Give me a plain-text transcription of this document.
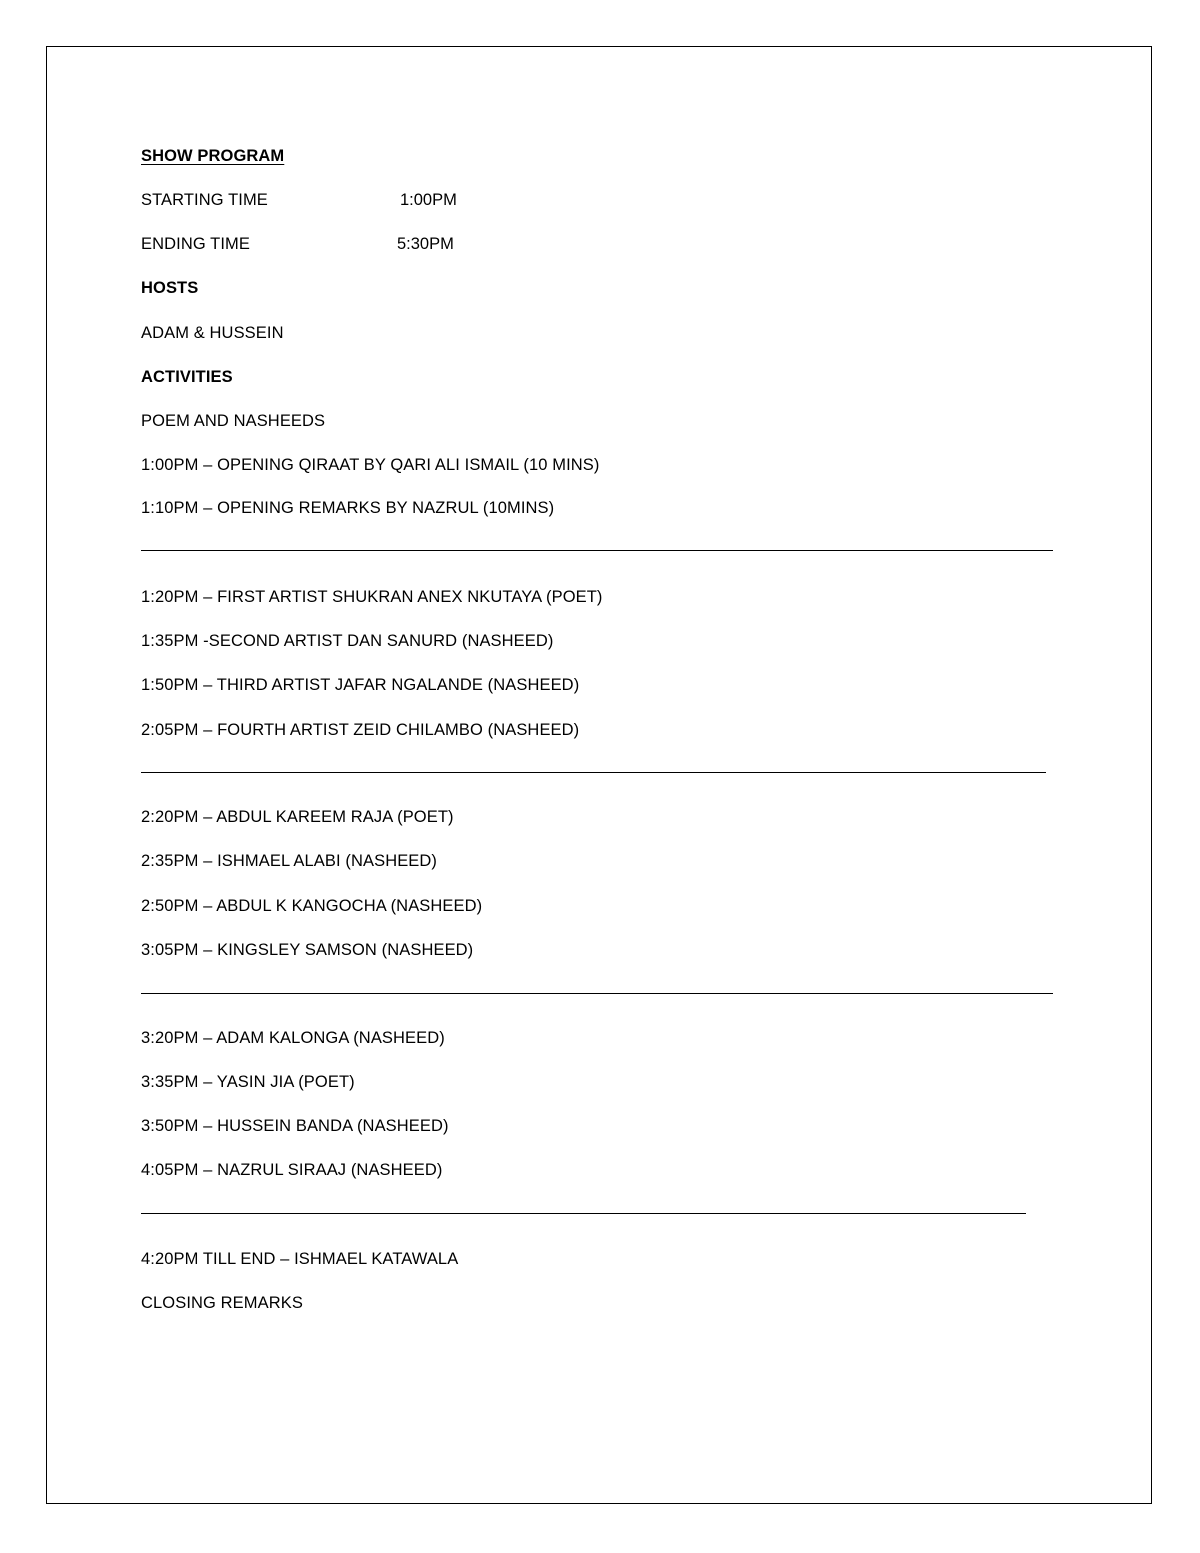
SHOW PROGRAM
STARTING TIME	1:00PM
ENDING TIME	5:30PM
HOSTS
ADAM & HUSSEIN
ACTIVITIES
POEM AND NASHEEDS
1:00PM – OPENING QIRAAT BY QARI ALI ISMAIL (10 MINS)
1:10PM – OPENING REMARKS BY NAZRUL (10MINS)
1:20PM – FIRST ARTIST SHUKRAN ANEX NKUTAYA (POET)
1:35PM -SECOND ARTIST DAN SANURD (NASHEED)
1:50PM – THIRD ARTIST JAFAR NGALANDE (NASHEED)
2:05PM – FOURTH ARTIST ZEID CHILAMBO (NASHEED)
2:20PM – ABDUL KAREEM RAJA (POET)
2:35PM – ISHMAEL ALABI (NASHEED)
2:50PM – ABDUL K KANGOCHA (NASHEED)
3:05PM – KINGSLEY SAMSON (NASHEED)
3:20PM – ADAM KALONGA (NASHEED)
3:35PM – YASIN JIA (POET)
3:50PM – HUSSEIN BANDA (NASHEED)
4:05PM – NAZRUL SIRAAJ (NASHEED)
4:20PM TILL END – ISHMAEL KATAWALA
CLOSING REMARKS
